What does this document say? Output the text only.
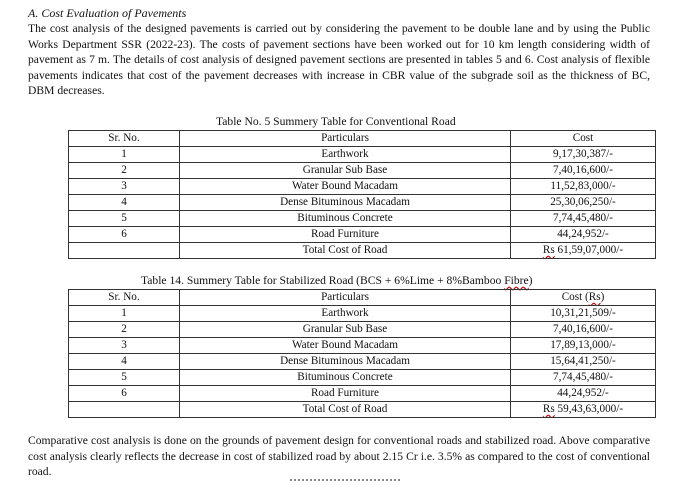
A. Cost Evaluation of Pavements

The cost analysis of the designed pavements is carried out by considering the pavement to be double lane and by using the Public Works Department SSR (2022-23). The costs of pavement sections have been worked out for 10 km length considering width of pavement as 7 m. The details of cost analysis of designed pavement sections are presented in tables 5 and 6. Cost analysis of flexible pavements indicates that cost of the pavement decreases with increase in CBR value of the subgrade soil as the thickness of BC, DBM decreases.

Table No. 5 Summery Table for Conventional Road
Sr. No.	Particulars	Cost
1	Earthwork	9,17,30,387/-
2	Granular Sub Base	7,40,16,600/-
3	Water Bound Macadam	11,52,83,000/-
4	Dense Bituminous Macadam	25,30,06,250/-
5	Bituminous Concrete	7,74,45,480/-
6	Road Furniture	44,24,952/-
	Total Cost of Road	Rs 61,59,07,000/-
Table 14. Summery Table for Stabilized Road (BCS + 6%Lime + 8%Bamboo Fibre)
Sr. No.	Particulars	Cost (Rs)
1	Earthwork	10,31,21,509/-
2	Granular Sub Base	7,40,16,600/-
3	Water Bound Macadam	17,89,13,000/-
4	Dense Bituminous Macadam	15,64,41,250/-
5	Bituminous Concrete	7,74,45,480/-
6	Road Furniture	44,24,952/-
	Total Cost of Road	Rs 59,43,63,000/-

Comparative cost analysis is done on the grounds of pavement design for conventional roads and stabilized road. Above comparative cost analysis clearly reflects the decrease in cost of stabilized road by about 2.15 Cr i.e. 3.5% as compared to the cost of conventional road.
